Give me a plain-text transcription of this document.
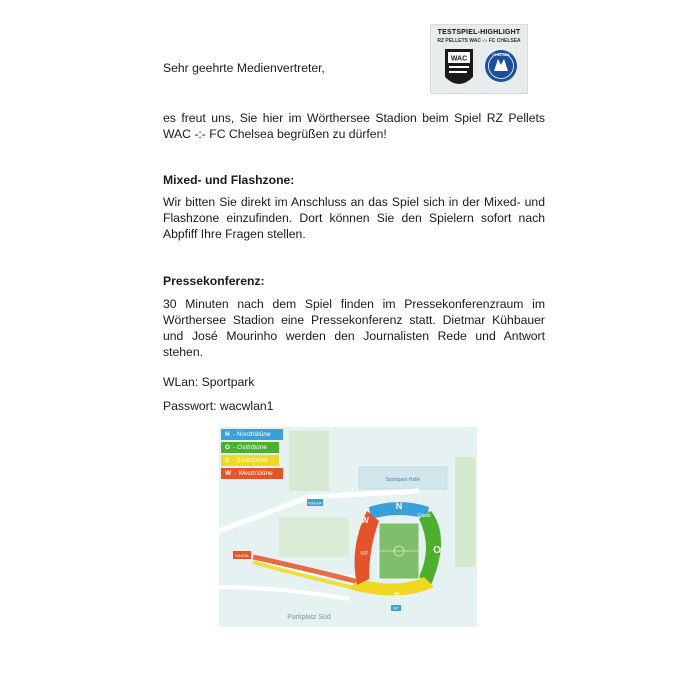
TESTSPIEL-HIGHLIGHT
RZ PELLETS WAC -:- FC CHELSEA
WAC
CHELSEA

Sehr geehrte Medienvertreter,

es freut uns, Sie hier im Wörthersee Stadion beim Spiel RZ Pellets WAC -:- FC Chelsea begrüßen zu dürfen!

Mixed- und Flashzone:

Wir bitten Sie direkt im Anschluss an das Spiel sich in der Mixed- und Flashzone einzufinden. Dort können Sie den Spielern sofort nach Abpfiff Ihre Fragen stellen.

Pressekonferenz:

30 Minuten nach dem Spiel finden im Pressekonferenzraum im Wörthersee Stadion eine Pressekonferenz statt. Dietmar Kühbauer und José Mourinho werden den Journalisten Rede und Antwort stehen.

WLan: Sportpark

Passwort: wacwlan1

N
O
S
W
Sportpark Halle
Gäste
VIP
Parkplatz Süd
KASSA
KASSA
WC
N - Nordtribüne
O - Osttribüne
S - Südtribüne
W - Westtribüne
